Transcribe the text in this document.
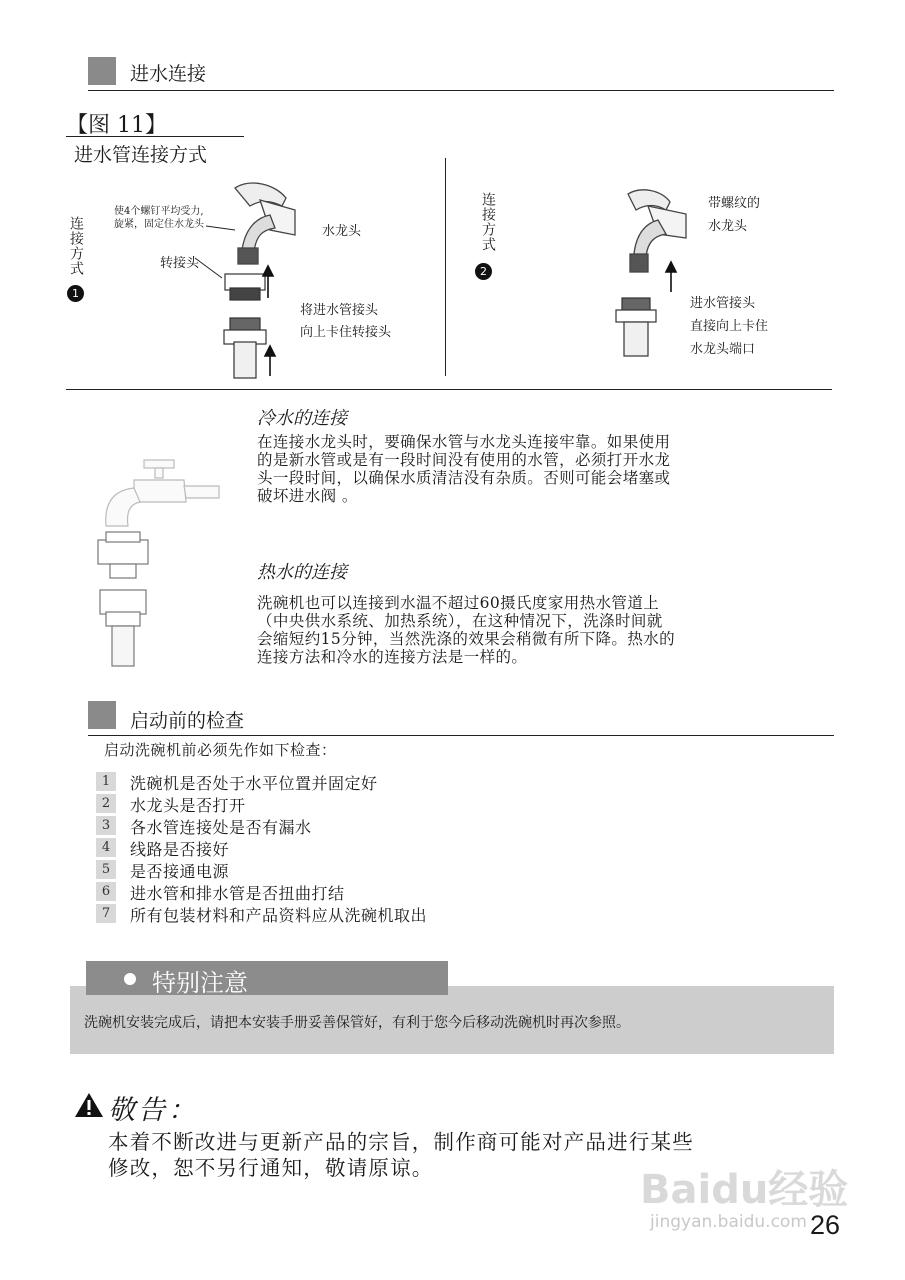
进水连接
【图 11】
进水管连接方式
连接方式
1
使4个螺钉平均受力,
旋紧，固定住水龙头
转接头
水龙头
将进水管接头
向上卡住转接头
连接方式
2
带螺纹的
水龙头
进水管接头
直接向上卡住
水龙头端口
冷水的连接
在连接水龙头时，要确保水管与水龙头连接牢靠。如果使用
的是新水管或是有一段时间没有使用的水管，必须打开水龙
头一段时间，以确保水质清洁没有杂质。否则可能会堵塞或
破坏进水阀 。
热水的连接
洗碗机也可以连接到水温不超过60摄氏度家用热水管道上
（中央供水系统、加热系统），在这种情况下，洗涤时间就
会缩短约15分钟，当然洗涤的效果会稍微有所下降。热水的
连接方法和冷水的连接方法是一样的。
启动前的检查
启动洗碗机前必须先作如下检查：
1	洗碗机是否处于水平位置并固定好
2	水龙头是否打开
3	各水管连接处是否有漏水
4	线路是否接好
5	是否接通电源
6	进水管和排水管是否扭曲打结
7	所有包装材料和产品资料应从洗碗机取出
特别注意
洗碗机安装完成后，请把本安装手册妥善保管好，有利于您今后移动洗碗机时再次参照。
敬告：
本着不断改进与更新产品的宗旨，制作商可能对产品进行某些
修改，恕不另行通知，敬请原谅。	Baidu经验
jingyan.baidu.com 26
